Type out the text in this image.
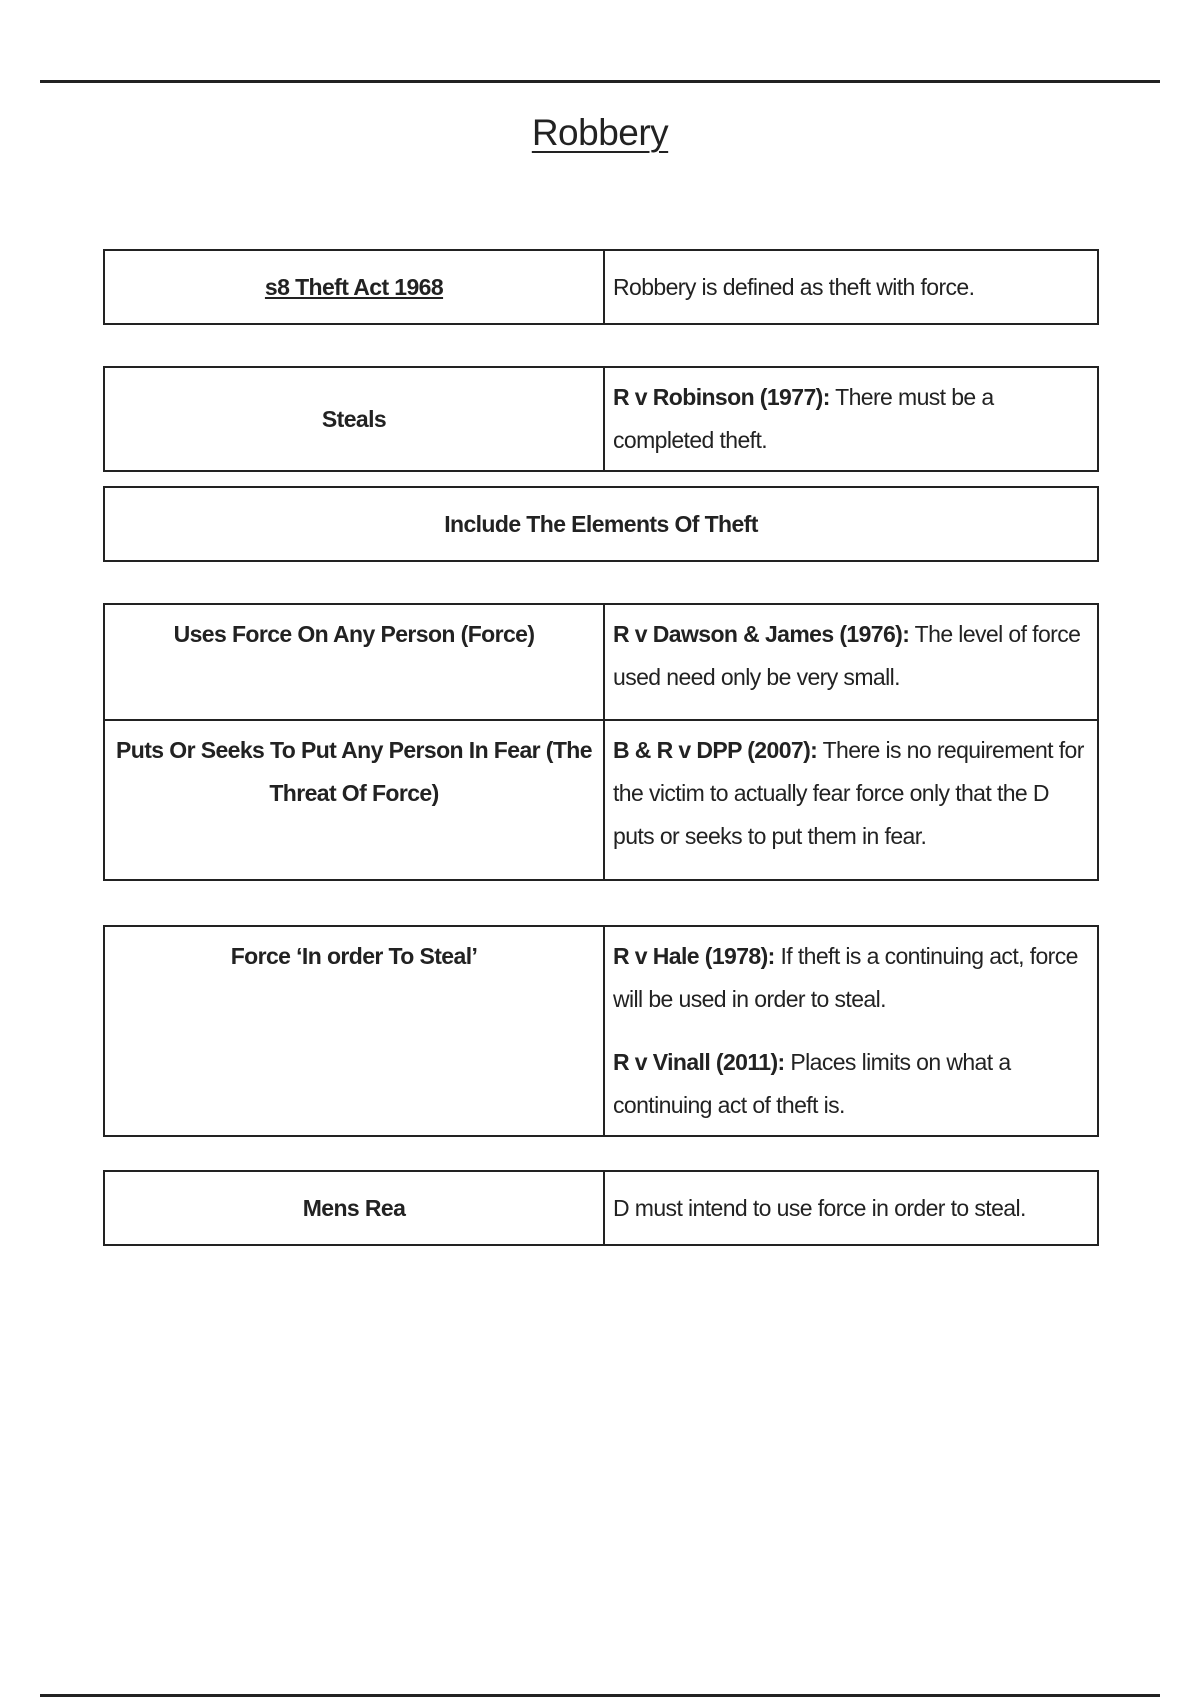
Robbery
s8 Theft Act 1968	Robbery is defined as theft with force.
Steals	R v Robinson (1977): There must be a completed theft.
Include The Elements Of Theft
Uses Force On Any Person (Force)	R v Dawson & James (1976): The level of force used need only be very small.
Puts Or Seeks To Put Any Person In Fear (The Threat Of Force)	B & R v DPP (2007): There is no requirement for the victim to actually fear force only that the D puts or seeks to put them in fear.
Force ‘In order To Steal’	R v Hale (1978): If theft is a continuing act, force will be used in order to steal.
R v Vinall (2011): Places limits on what a continuing act of theft is.
Mens Rea	D must intend to use force in order to steal.
